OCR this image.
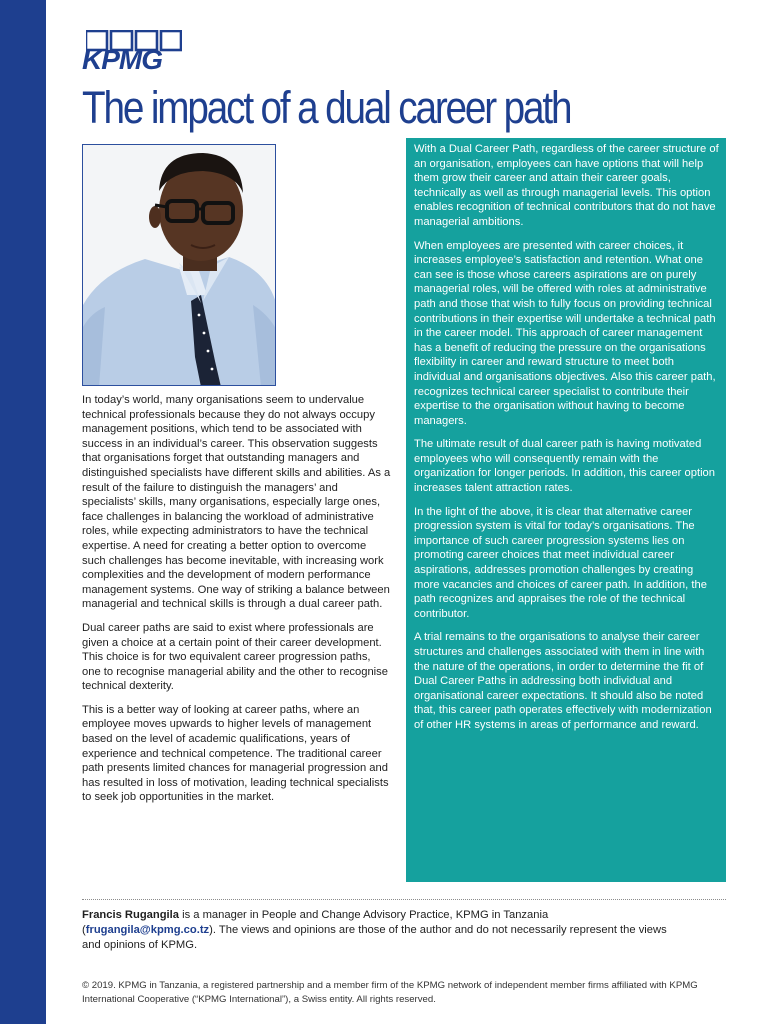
KPMG
The impact of a dual career path

In today’s world, many organisations seem to undervalue technical professionals because they do not always occupy management positions, which tend to be associated with success in an individual’s career. This observation suggests that organisations forget that outstanding managers and distinguished specialists have different skills and abilities. As a result of the failure to distinguish the managers’ and specialists’ skills, many organisations, especially large ones, face challenges in balancing the workload of administrative roles, while expecting administrators to have the technical expertise. A need for creating a better option to overcome such challenges has become inevitable, with increasing work complexities and the development of modern performance management systems. One way of striking a balance between managerial and technical skills is through a dual career path.

Dual career paths are said to exist where professionals are given a choice at a certain point of their career development. This choice is for two equivalent career progression paths, one to recognise managerial ability and the other to recognise technical dexterity.

This is a better way of looking at career paths, where an employee moves upwards to higher levels of management based on the level of academic qualifications, years of experience and technical competence. The traditional career path presents limited chances for managerial progression and has resulted in loss of motivation, leading technical specialists to seek job opportunities in the market.

With a Dual Career Path, regardless of the career structure of an organisation, employees can have options that will help them grow their career and attain their career goals, technically as well as through managerial levels. This option enables recognition of technical contributors that do not have managerial ambitions.

When employees are presented with career choices, it increases employee’s satisfaction and retention. What one can see is those whose careers aspirations are on purely managerial roles, will be offered with roles at administrative path and those that wish to fully focus on providing technical contributions in their expertise will undertake a technical path in the career model. This approach of career management has a benefit of reducing the pressure on the organisations flexibility in career and reward structure to meet both individual and organisations objectives. Also this career path, recognizes technical career specialist to contribute their expertise to the organisation without having to become managers.

The ultimate result of dual career path is having motivated employees who will consequently remain with the organization for longer periods. In addition, this career option increases talent attraction rates.

In the light of the above, it is clear that alternative career progression system is vital for today’s organisations. The importance of such career progression systems lies on promoting career choices that meet individual career aspirations, addresses promotion challenges by creating more vacancies and choices of career path. In addition, the path recognizes and appraises the role of the technical contributor.

A trial remains to the organisations to analyse their career structures and challenges associated with them in line with the nature of the operations, in order to determine the fit of Dual Career Paths in addressing both individual and organisational career expectations. It should also be noted that, this career path operates effectively with modernization of other HR systems in areas of performance and reward.

Francis Rugangila is a manager in People and Change Advisory Practice, KPMG in Tanzania (frugangila@kpmg.co.tz). The views and opinions are those of the author and do not necessarily represent the views and opinions of KPMG.

© 2019. KPMG in Tanzania, a registered partnership and a member firm of the KPMG network of independent member firms affiliated with KPMG International Cooperative (“KPMG International”), a Swiss entity. All rights reserved.
